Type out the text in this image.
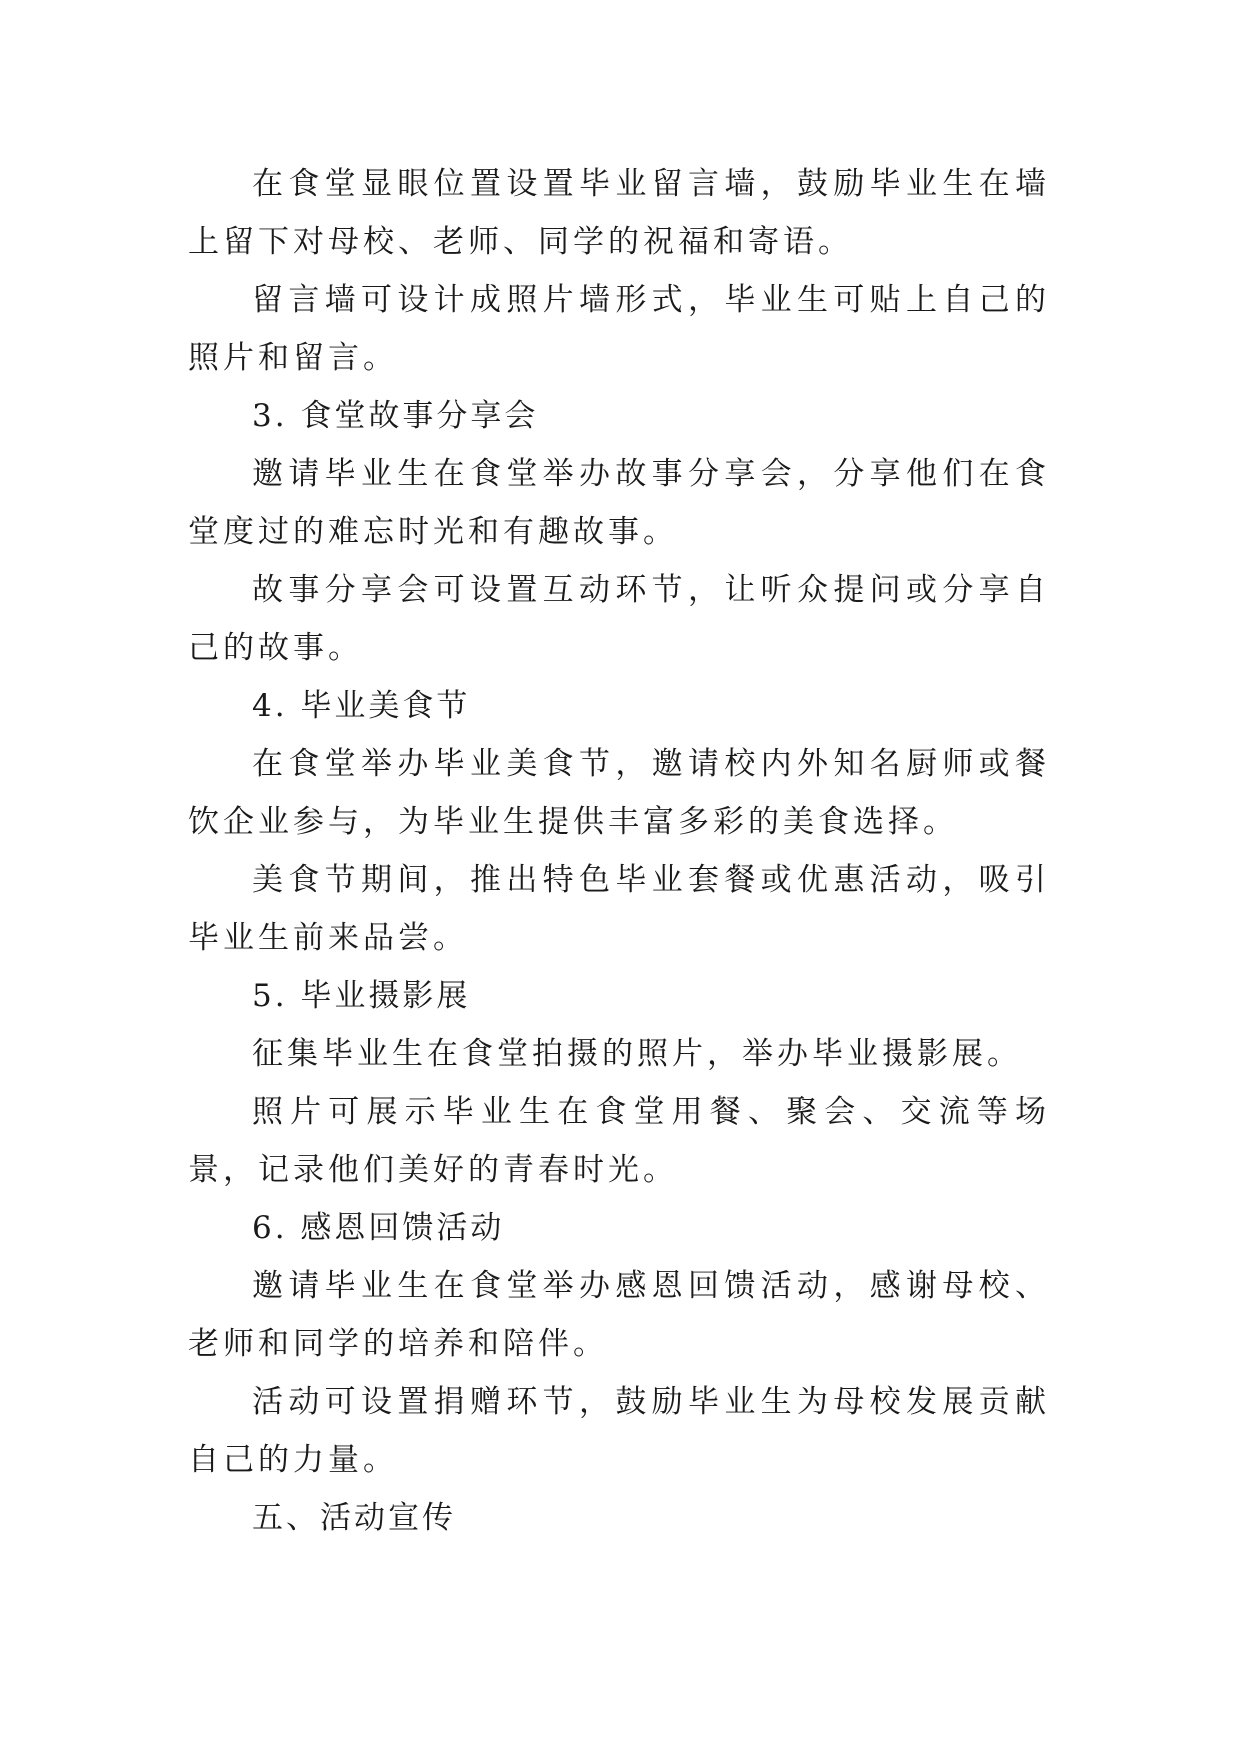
在食堂显眼位置设置毕业留言墙，鼓励毕业生在墙上留下对母校、老师、同学的祝福和寄语。

留言墙可设计成照片墙形式，毕业生可贴上自己的照片和留言。

3. 食堂故事分享会

邀请毕业生在食堂举办故事分享会，分享他们在食堂度过的难忘时光和有趣故事。

故事分享会可设置互动环节，让听众提问或分享自己的故事。

4. 毕业美食节

在食堂举办毕业美食节，邀请校内外知名厨师或餐饮企业参与，为毕业生提供丰富多彩的美食选择。

美食节期间，推出特色毕业套餐或优惠活动，吸引毕业生前来品尝。

5. 毕业摄影展

征集毕业生在食堂拍摄的照片，举办毕业摄影展。

照片可展示毕业生在食堂用餐、聚会、交流等场景，记录他们美好的青春时光。

6. 感恩回馈活动

邀请毕业生在食堂举办感恩回馈活动，感谢母校、老师和同学的培养和陪伴。

活动可设置捐赠环节，鼓励毕业生为母校发展贡献自己的力量。

五、活动宣传
